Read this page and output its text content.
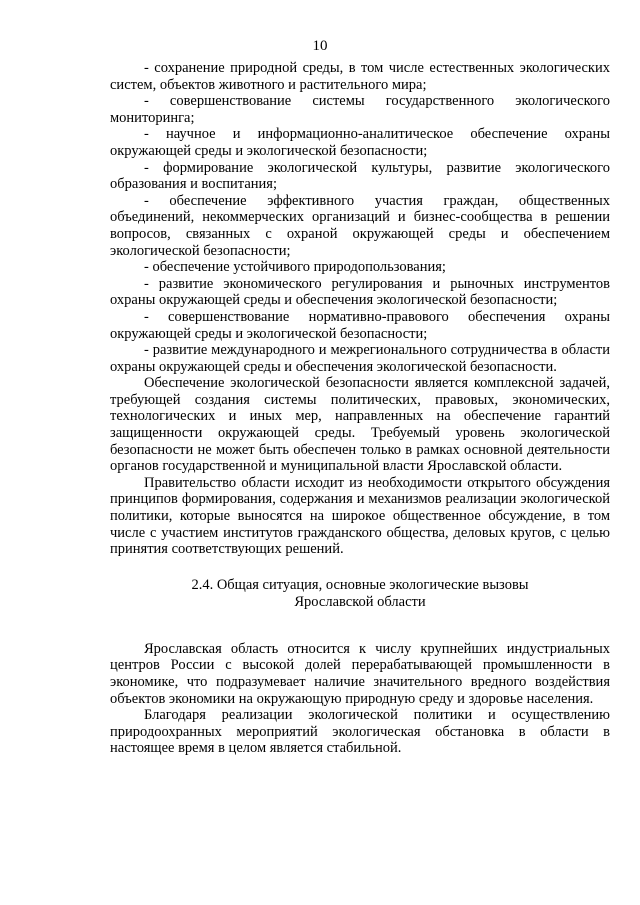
10

- сохранение природной среды, в том числе естественных экологических систем, объектов животного и растительного мира;

- совершенствование системы государственного экологического мониторинга;

- научное и информационно-аналитическое обеспечение охраны окружающей среды и экологической безопасности;

- формирование экологической культуры, развитие экологического образования и воспитания;

- обеспечение эффективного участия граждан, общественных объединений, некоммерческих организаций и бизнес-сообщества в решении вопросов, связанных с охраной окружающей среды и обеспечением экологической безопасности;

- обеспечение устойчивого природопользования;

- развитие экономического регулирования и рыночных инструментов охраны окружающей среды и обеспечения экологической безопасности;

- совершенствование нормативно-правового обеспечения охраны окружающей среды и экологической безопасности;

- развитие международного и межрегионального сотрудничества в области охраны окружающей среды и обеспечения экологической безопасности.

Обеспечение экологической безопасности является комплексной задачей, требующей создания системы политических, правовых, экономических, технологических и иных мер, направленных на обеспечение гарантий защищенности окружающей среды. Требуемый уровень экологической безопасности не может быть обеспечен только в рамках основной деятельности органов государственной и муниципальной власти Ярославской области.

Правительство области исходит из необходимости открытого обсуждения принципов формирования, содержания и механизмов реализации экологической политики, которые выносятся на широкое общественное обсуждение, в том числе с участием институтов гражданского общества, деловых кругов, с целью принятия соответствующих решений.

2.4. Общая ситуация, основные экологические вызовы
Ярославской области

Ярославская область относится к числу крупнейших индустриальных центров России с высокой долей перерабатывающей промышленности в экономике, что подразумевает наличие значительного вредного воздействия объектов экономики на окружающую природную среду и здоровье населения.

Благодаря реализации экологической политики и осуществлению природоохранных мероприятий экологическая обстановка в области в настоящее время в целом является стабильной.
